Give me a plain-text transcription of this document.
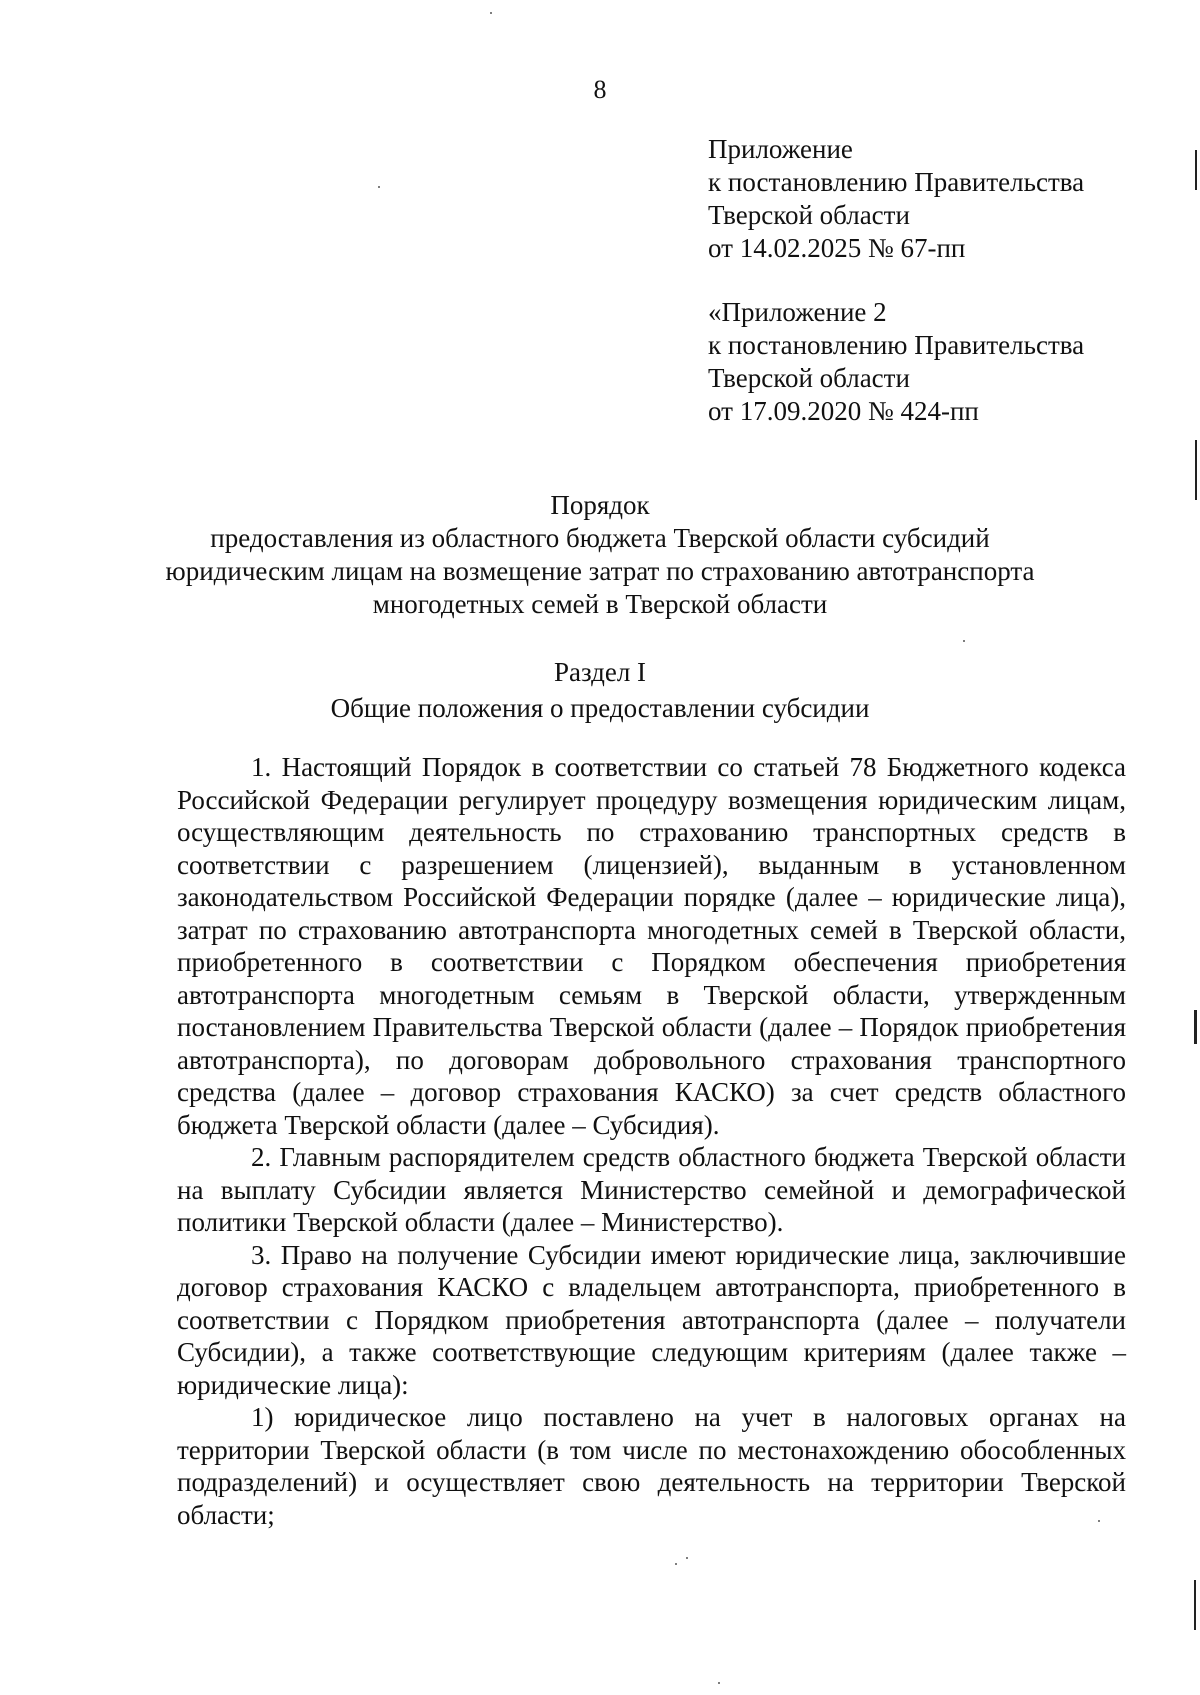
8
Приложение
к постановлению Правительства
Тверской области
от 14.02.2025 № 67-пп
«Приложение 2
к постановлению Правительства
Тверской области
от 17.09.2020 № 424-пп
Порядок
предоставления из областного бюджета Тверской области субсидий
юридическим лицам на возмещение затрат по страхованию автотранспорта
многодетных семей в Тверской области
Раздел I
Общие положения о предоставлении субсидии

1. Настоящий Порядок в соответствии со статьей 78 Бюджетного кодекса Российской Федерации регулирует процедуру возмещения юридическим лицам, осуществляющим деятельность по страхованию транспортных средств в соответствии с разрешением (лицензией), выданным в установленном законодательством Российской Федерации порядке (далее – юридические лица), затрат по страхованию автотранспорта многодетных семей в Тверской области, приобретенного в соответствии с Порядком обеспечения приобретения автотранспорта многодетным семьям в Тверской области, утвержденным постановлением Правительства Тверской области (далее – Порядок приобретения автотранспорта), по договорам добровольного страхования транспортного средства (далее – договор страхования КАСКО) за счет средств областного бюджета Тверской области (далее – Субсидия).

2. Главным распорядителем средств областного бюджета Тверской области на выплату Субсидии является Министерство семейной и демографической политики Тверской области (далее – Министерство).

3. Право на получение Субсидии имеют юридические лица, заключившие договор страхования КАСКО с владельцем автотранспорта, приобретенного в соответствии с Порядком приобретения автотранспорта (далее – получатели Субсидии), а также соответствующие следующим критериям (далее также – юридические лица):

1) юридическое лицо поставлено на учет в налоговых органах на территории Тверской области (в том числе по местонахождению обособленных подразделений) и осуществляет свою деятельность на территории Тверской области;
